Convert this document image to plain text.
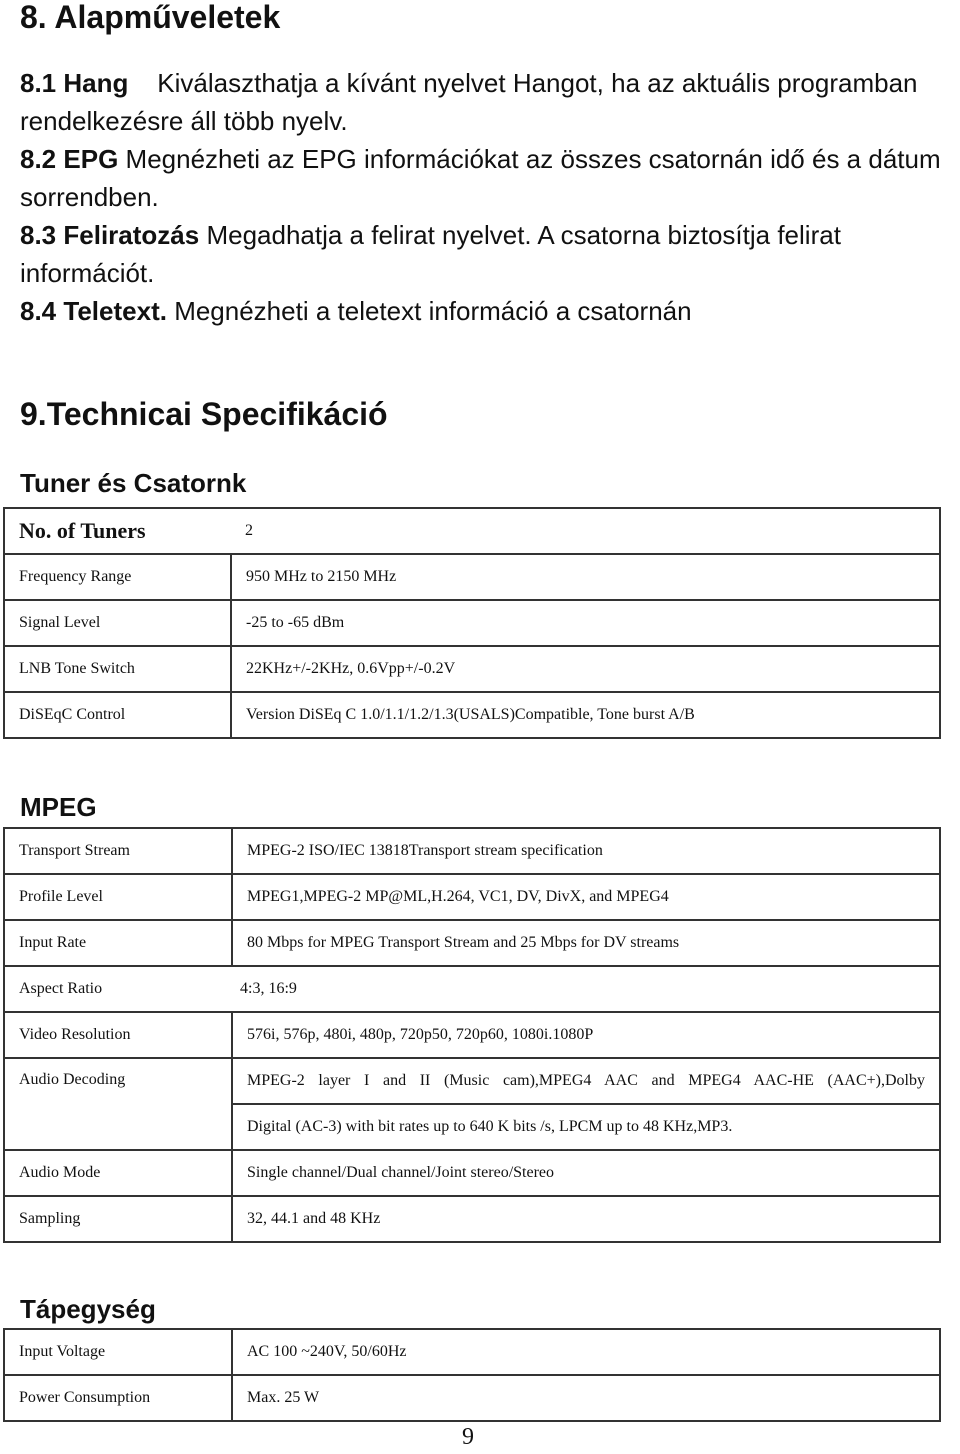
8. Alapműveletek

8.1 Hang Kiválaszthatja a kívánt nyelvet Hangot, ha az aktuális programban

rendelkezésre áll több nyelv.

8.2 EPG Megnézheti az EPG információkat az összes csatornán idő és a dátum

sorrendben.

8.3 Feliratozás Megadhatja a felirat nyelvet. A csatorna biztosítja felirat

információt.

8.4 Teletext. Megnézheti a teletext információ a csatornán

9.Technicai Specifikáció
Tuner és Csatornk
No. of Tuners	2
Frequency Range	950 MHz to 2150 MHz
Signal Level	-25 to -65 dBm
LNB Tone Switch	22KHz+/-2KHz, 0.6Vpp+/-0.2V
DiSEqC Control	Version DiSEq C 1.0/1.1/1.2/1.3(USALS)Compatible, Tone burst A/B
MPEG
Transport Stream	MPEG-2 ISO/IEC 13818Transport stream specification
Profile Level	MPEG1,MPEG-2 MP@ML,H.264, VC1, DV, DivX, and MPEG4
Input Rate	80 Mbps for MPEG Transport Stream and 25 Mbps for DV streams
Aspect Ratio	4:3, 16:9
Video Resolution	576i, 576p, 480i, 480p, 720p50, 720p60, 1080i.1080P
Audio Decoding	MPEG-2 layer I and II (Music cam),MPEG4 AAC and MPEG4 AAC-HE (AAC+),Dolby
Digital (AC-3) with bit rates up to 640 K bits /s, LPCM up to 48 KHz,MP3.

Audio Mode	Single channel/Dual channel/Joint stereo/Stereo
Sampling	32, 44.1 and 48 KHz
Tápegység
Input Voltage	AC 100 ~240V, 50/60Hz
Power Consumption	Max. 25 W
9
